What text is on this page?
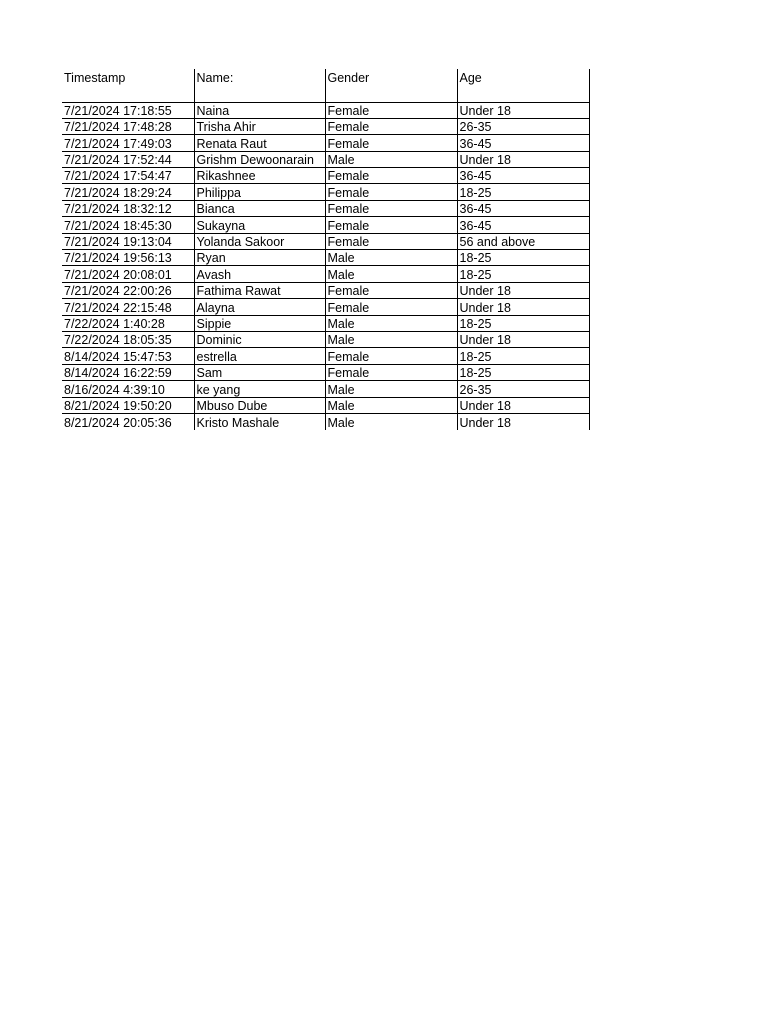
Timestamp	Name:	Gender	Age
7/21/2024 17:18:55	Naina	Female	Under 18
7/21/2024 17:48:28	Trisha Ahir	Female	26-35
7/21/2024 17:49:03	Renata Raut	Female	36-45
7/21/2024 17:52:44	Grishm Dewoonarain	Male	Under 18
7/21/2024 17:54:47	Rikashnee	Female	36-45
7/21/2024 18:29:24	Philippa	Female	18-25
7/21/2024 18:32:12	Bianca	Female	36-45
7/21/2024 18:45:30	Sukayna	Female	36-45
7/21/2024 19:13:04	Yolanda Sakoor	Female	56 and above
7/21/2024 19:56:13	Ryan	Male	18-25
7/21/2024 20:08:01	Avash	Male	18-25
7/21/2024 22:00:26	Fathima Rawat	Female	Under 18
7/21/2024 22:15:48	Alayna	Female	Under 18
7/22/2024 1:40:28	Sippie	Male	18-25
7/22/2024 18:05:35	Dominic	Male	Under 18
8/14/2024 15:47:53	estrella	Female	18-25
8/14/2024 16:22:59	Sam	Female	18-25
8/16/2024 4:39:10	ke yang	Male	26-35
8/21/2024 19:50:20	Mbuso Dube	Male	Under 18
8/21/2024 20:05:36	Kristo Mashale	Male	Under 18
